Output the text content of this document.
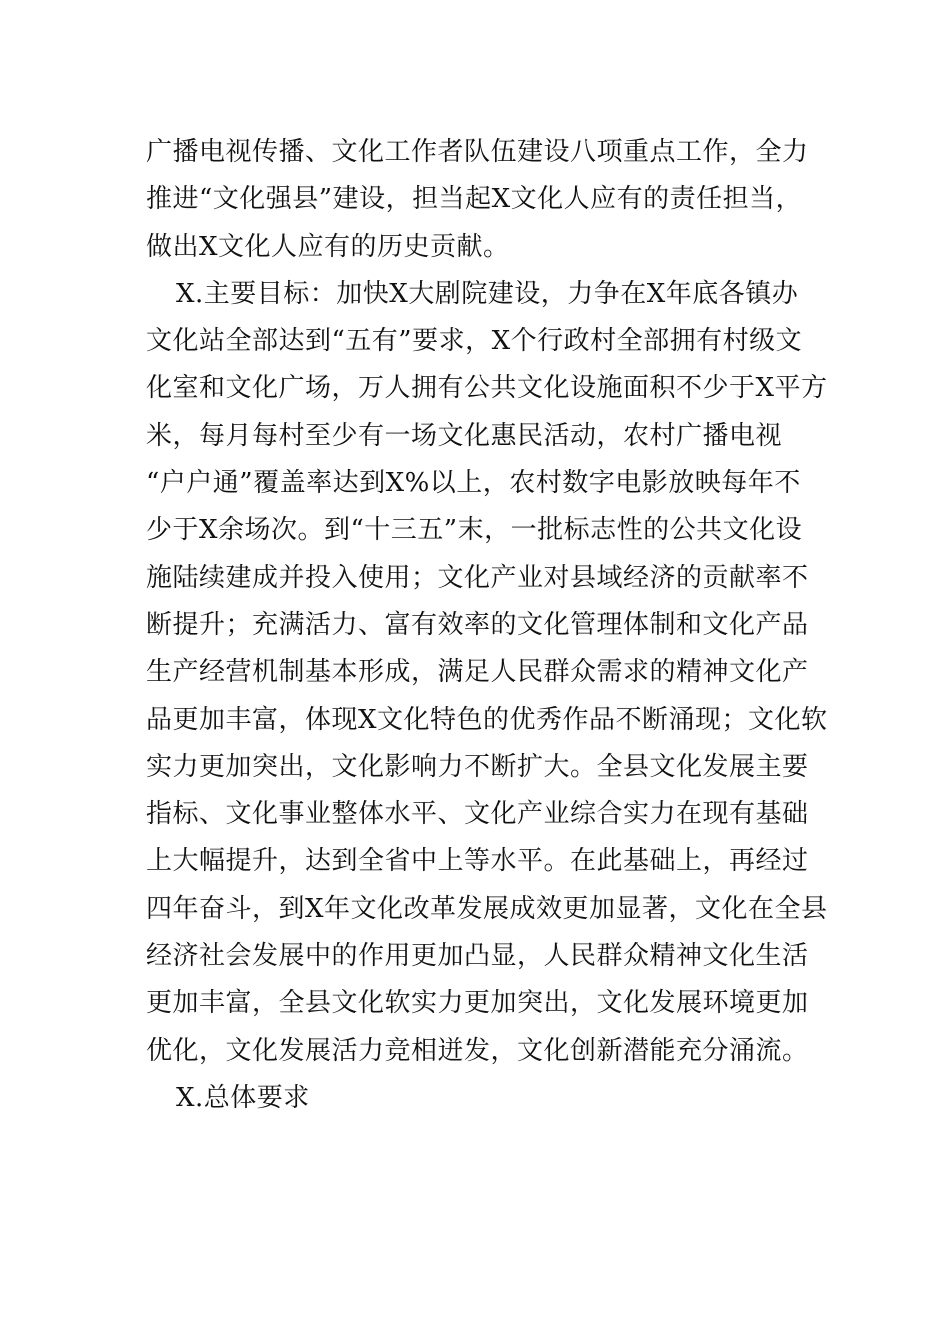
广播电视传播、文化工作者队伍建设八项重点工作，全力
推进“文化强县”建设，担当起X文化人应有的责任担当，
做出X文化人应有的历史贡献。
X.主要目标：加快X大剧院建设，力争在X年底各镇办
文化站全部达到“五有”要求，X个行政村全部拥有村级文
化室和文化广场，万人拥有公共文化设施面积不少于X平方
米，每月每村至少有一场文化惠民活动，农村广播电视
“户户通”覆盖率达到X%以上，农村数字电影放映每年不
少于X余场次。到“十三五”末，一批标志性的公共文化设
施陆续建成并投入使用；文化产业对县域经济的贡献率不
断提升；充满活力、富有效率的文化管理体制和文化产品
生产经营机制基本形成，满足人民群众需求的精神文化产
品更加丰富，体现X文化特色的优秀作品不断涌现；文化软
实力更加突出，文化影响力不断扩大。全县文化发展主要
指标、文化事业整体水平、文化产业综合实力在现有基础
上大幅提升，达到全省中上等水平。在此基础上，再经过
四年奋斗，到X年文化改革发展成效更加显著，文化在全县
经济社会发展中的作用更加凸显，人民群众精神文化生活
更加丰富，全县文化软实力更加突出，文化发展环境更加
优化，文化发展活力竞相迸发，文化创新潜能充分涌流。
X.总体要求
